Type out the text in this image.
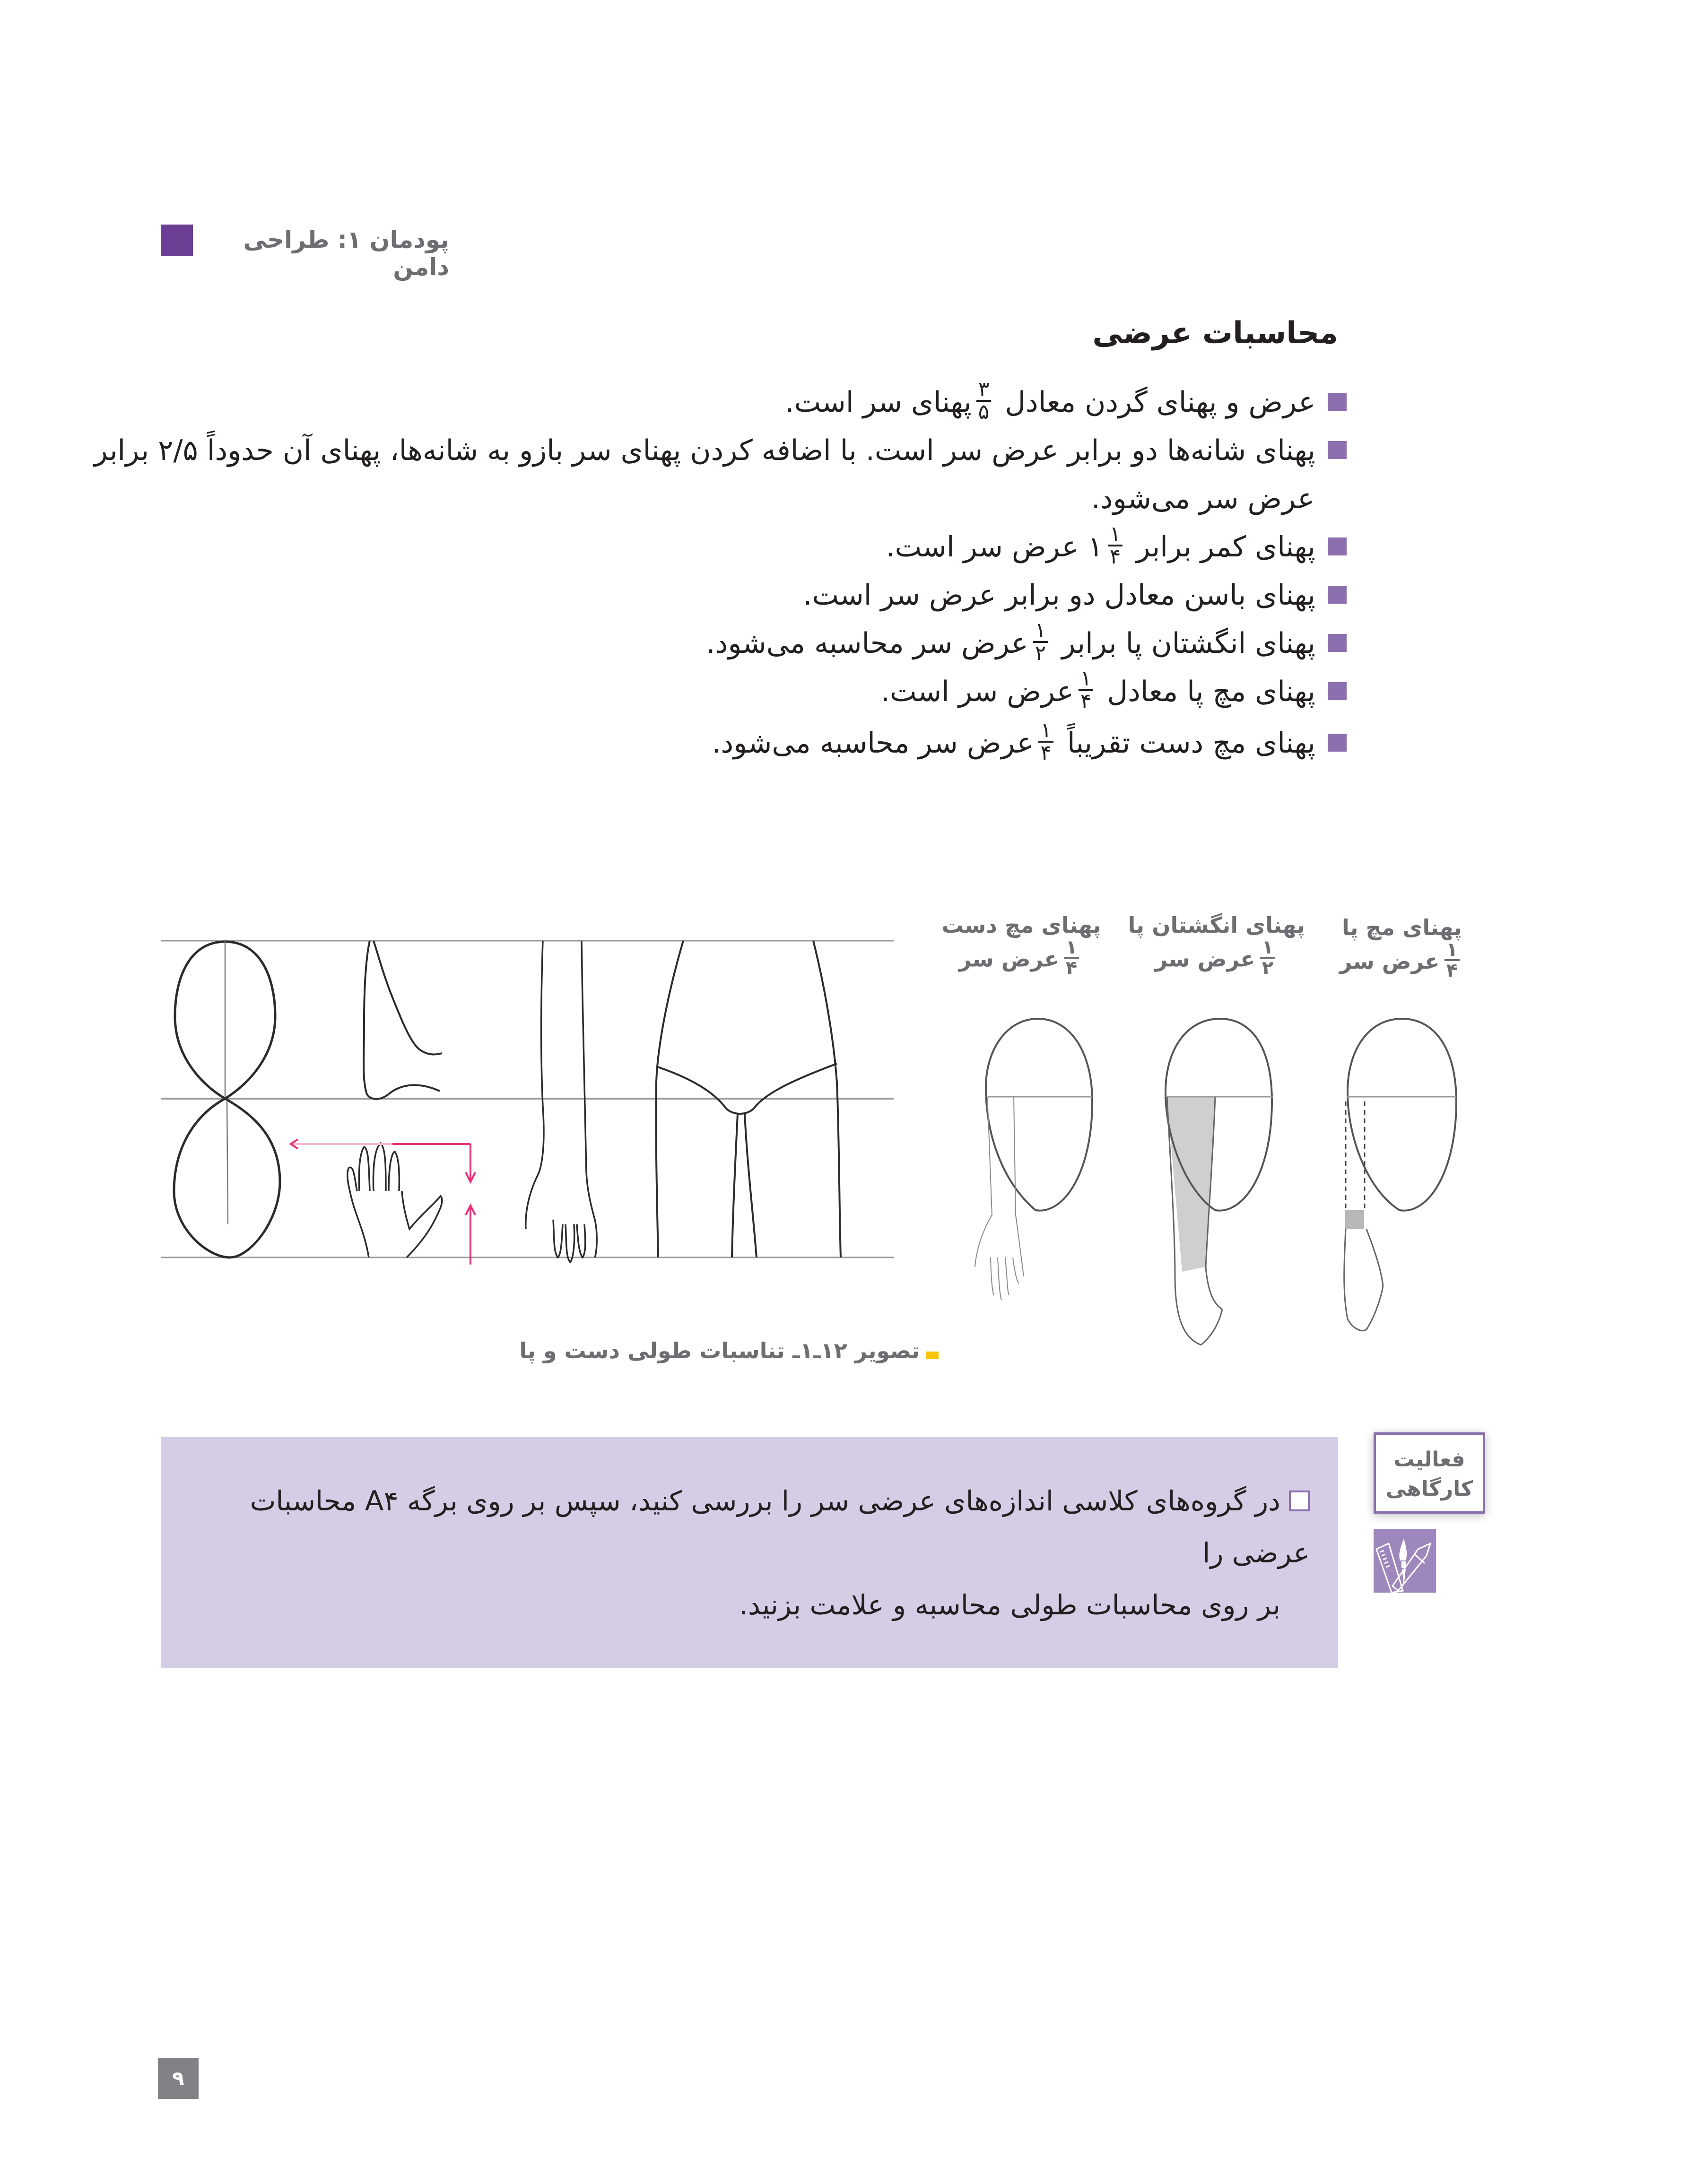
پودمان ۱: طراحی دامن
محاسبات عرضی
عرض و پهنای گردن معادل
$\frac{۳}{۵}$
پهنای سر است.
پهنای شانه‌ها دو برابر عرض سر است. با اضافه کردن پهنای سر بازو به شانه‌ها، پهنای آن حدوداً ۲/۵ برابر
عرض سر می‌شود.
پهنای کمر برابر
$\frac{۱}{۴}$
۱ عرض سر است.
پهنای باسن معادل دو برابر عرض سر است.
پهنای انگشتان پا برابر
$\frac{۱}{۲}$
عرض سر محاسبه می‌شود.
پهنای مچ پا معادل
$\frac{۱}{۴}$
عرض سر است.
پهنای مچ دست تقریباً
$\frac{۱}{۴}$
عرض سر محاسبه می‌شود.
پهنای مچ پا
$\frac{۱}{۴}$
عرض سر
پهنای انگشتان پا
$\frac{۱}{۲}$
عرض سر
پهنای مچ دست
$\frac{۱}{۴}$
عرض سر
تصویر ۱۲ـ۱ـ تناسبات طولی دست و پا
در گروه‌های کلاسی اندازه‌های عرضی سر را بررسی کنید، سپس بر روی برگه A۴ محاسبات عرضی را
بر روی محاسبات طولی محاسبه و علامت بزنید.
فعالیت
کارگاهی
۹
